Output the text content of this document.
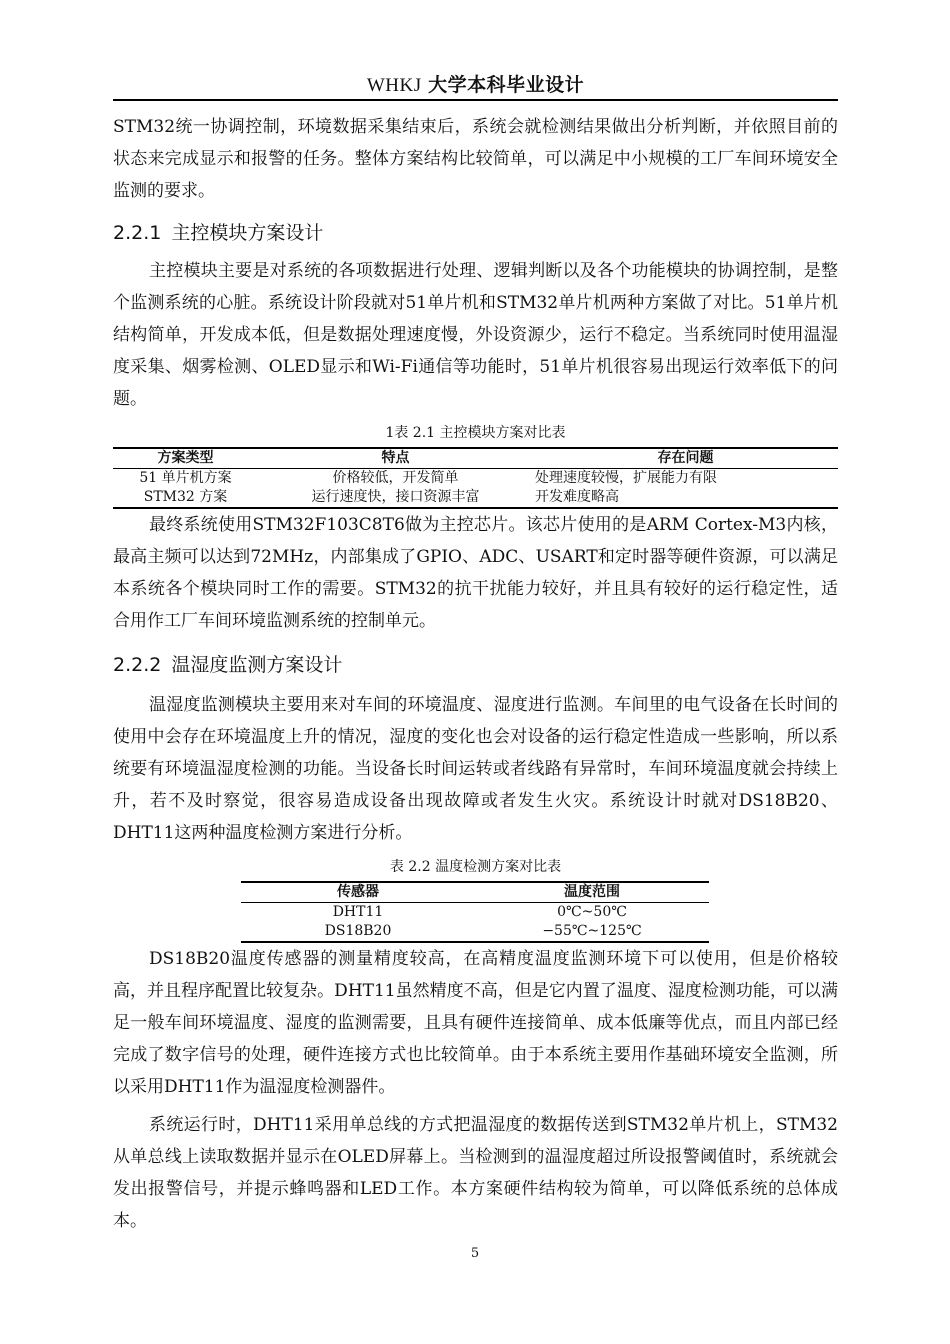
WHKJ 大学本科毕业设计

STM32统一协调控制，环境数据采集结束后，系统会就检测结果做出分析判断，并依照目前的状态来完成显示和报警的任务。整体方案结构比较简单，可以满足中小规模的工厂车间环境安全监测的要求。

2.2.1 主控模块方案设计

主控模块主要是对系统的各项数据进行处理、逻辑判断以及各个功能模块的协调控制，是整个监测系统的心脏。系统设计阶段就对51单片机和STM32单片机两种方案做了对比。51单片机结构简单，开发成本低，但是数据处理速度慢，外设资源少，运行不稳定。当系统同时使用温湿度采集、烟雾检测、OLED显示和Wi-Fi通信等功能时，51单片机很容易出现运行效率低下的问题。

1表 2.1 主控模块方案对比表
方案类型	特点	存在问题
51 单片机方案	价格较低，开发简单	处理速度较慢，扩展能力有限
STM32 方案	运行速度快，接口资源丰富	开发难度略高

最终系统使用STM32F103C8T6做为主控芯片。该芯片使用的是ARM Cortex-M3内核，最高主频可以达到72MHz，内部集成了GPIO、ADC、USART和定时器等硬件资源，可以满足本系统各个模块同时工作的需要。STM32的抗干扰能力较好，并且具有较好的运行稳定性，适合用作工厂车间环境监测系统的控制单元。

2.2.2 温湿度监测方案设计

温湿度监测模块主要用来对车间的环境温度、湿度进行监测。车间里的电气设备在长时间的使用中会存在环境温度上升的情况，湿度的变化也会对设备的运行稳定性造成一些影响，所以系统要有环境温湿度检测的功能。当设备长时间运转或者线路有异常时，车间环境温度就会持续上升，若不及时察觉，很容易造成设备出现故障或者发生火灾。系统设计时就对DS18B20、DHT11这两种温度检测方案进行分析。

表 2.2 温度检测方案对比表
传感器	温度范围
DHT11	0℃~50℃
DS18B20	−55℃~125℃

DS18B20温度传感器的测量精度较高，在高精度温度监测环境下可以使用，但是价格较高，并且程序配置比较复杂。DHT11虽然精度不高，但是它内置了温度、湿度检测功能，可以满足一般车间环境温度、湿度的监测需要，且具有硬件连接简单、成本低廉等优点，而且内部已经完成了数字信号的处理，硬件连接方式也比较简单。由于本系统主要用作基础环境安全监测，所以采用DHT11作为温湿度检测器件。

系统运行时，DHT11采用单总线的方式把温湿度的数据传送到STM32单片机上，STM32从单总线上读取数据并显示在OLED屏幕上。当检测到的温湿度超过所设报警阈值时，系统就会发出报警信号，并提示蜂鸣器和LED工作。本方案硬件结构较为简单，可以降低系统的总体成本。

5
